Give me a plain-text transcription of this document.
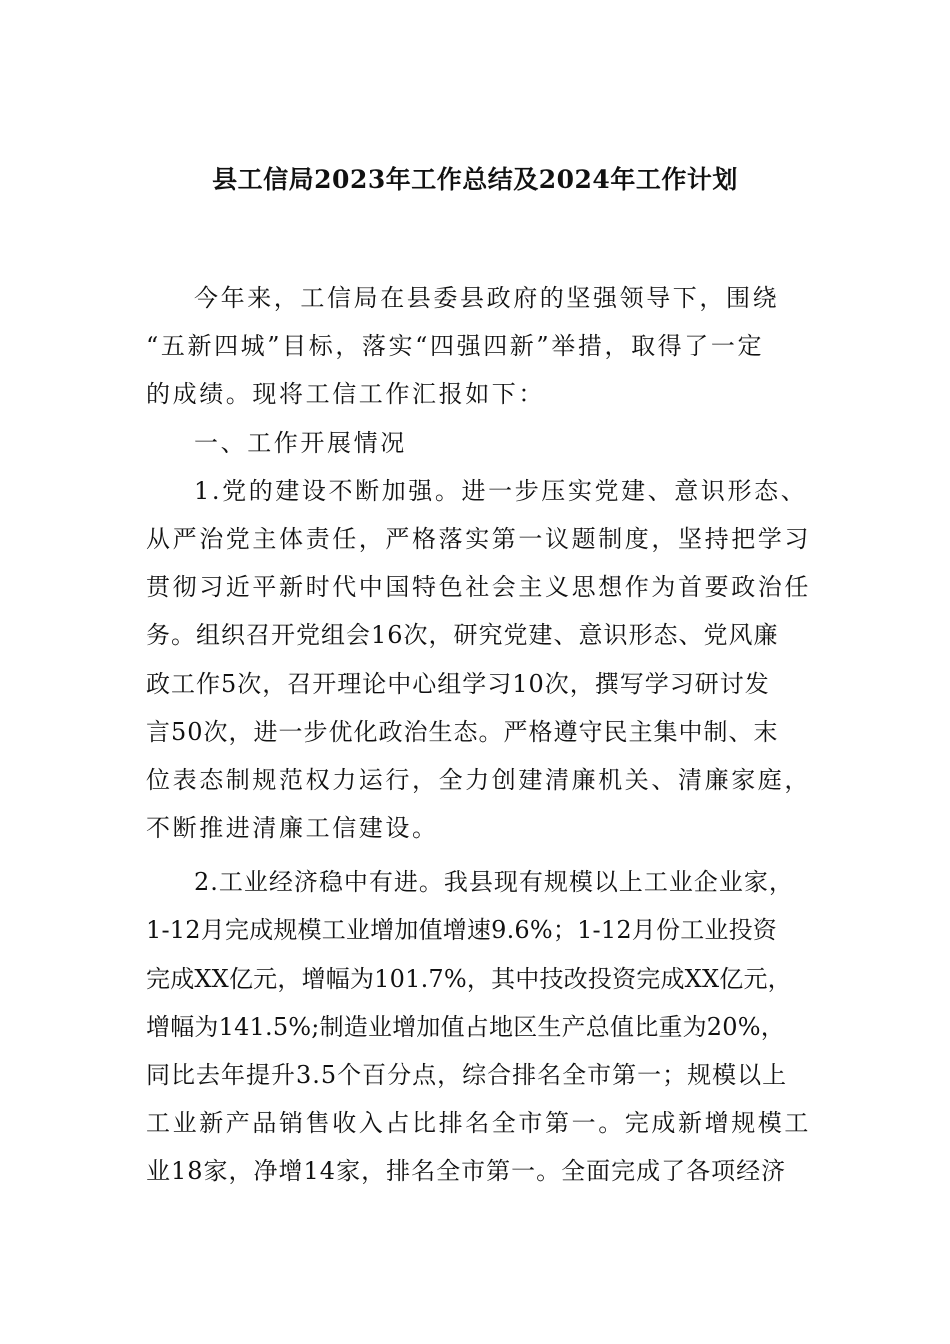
县工信局2023年工作总结及2024年工作计划
今年来，工信局在县委县政府的坚强领导下，围绕
“五新四城”目标，落实“四强四新”举措，取得了一定
的成绩。现将工信工作汇报如下：
一、工作开展情况
1.党的建设不断加强。进一步压实党建、意识形态、
从严治党主体责任，严格落实第一议题制度，坚持把学习
贯彻习近平新时代中国特色社会主义思想作为首要政治任
务。组织召开党组会16次，研究党建、意识形态、党风廉
政工作5次，召开理论中心组学习10次，撰写学习研讨发
言50次，进一步优化政治生态。严格遵守民主集中制、末
位表态制规范权力运行，全力创建清廉机关、清廉家庭，
不断推进清廉工信建设。
2.工业经济稳中有进。我县现有规模以上工业企业家，
1-12月完成规模工业增加值增速9.6%；1-12月份工业投资
完成XX亿元，增幅为101.7%，其中技改投资完成XX亿元，
增幅为141.5%;制造业增加值占地区生产总值比重为20%，
同比去年提升3.5个百分点，综合排名全市第一；规模以上
工业新产品销售收入占比排名全市第一。完成新增规模工
业18家，净增14家，排名全市第一。全面完成了各项经济
